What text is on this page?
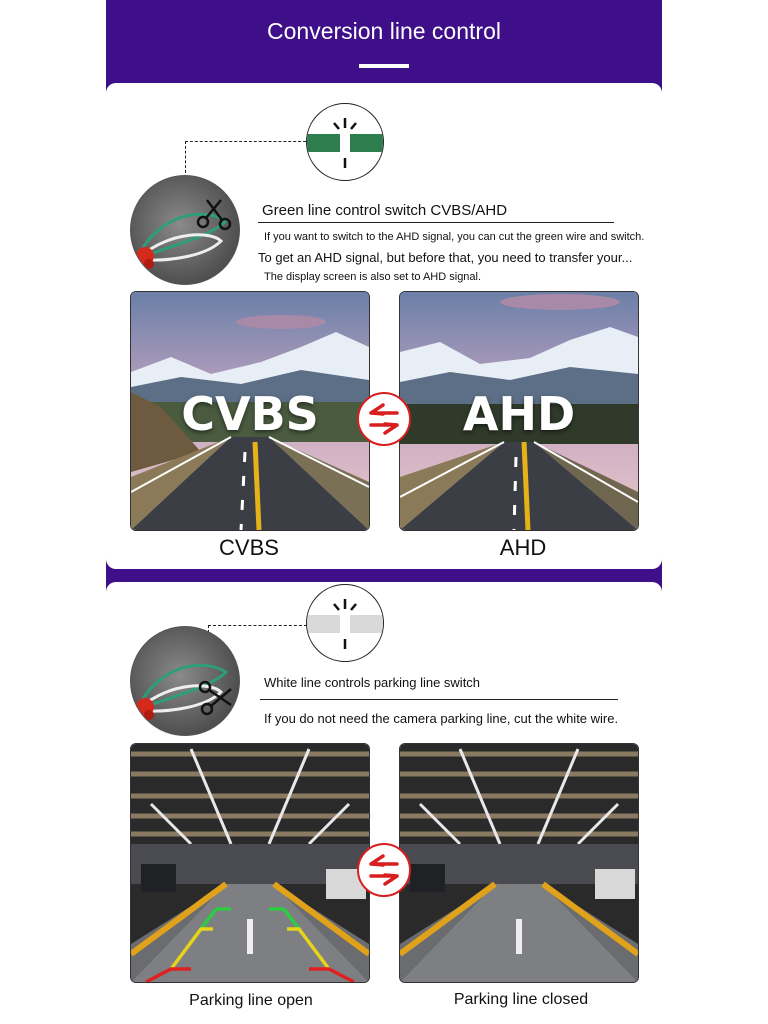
Conversion line control
Green line control switch CVBS/AHD
If you want to switch to the AHD signal, you can cut the green wire and switch.
To get an AHD signal, but before that, you need to transfer your...
The display screen is also set to AHD signal.
CVBS	AHD
CVBS	AHD
White line controls parking line switch
If you do not need the camera parking line, cut the white wire.
Parking line open	Parking line closed
